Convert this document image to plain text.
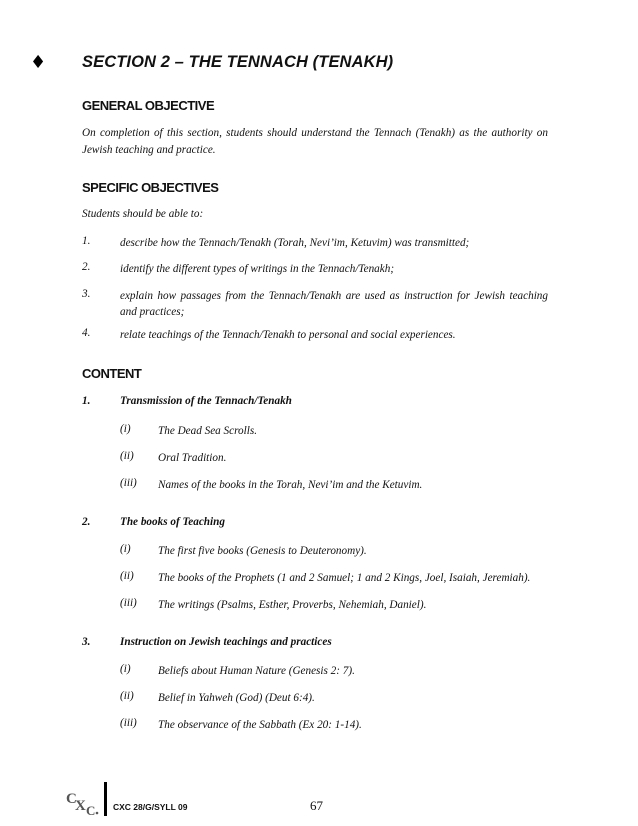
♦ SECTION 2 – THE TENNACH (TENAKH)
GENERAL OBJECTIVE
On completion of this section, students should understand the Tennach (Tenakh) as the authority on
Jewish teaching and practice.
SPECIFIC OBJECTIVES
Students should be able to:
1.	describe how the Tennach/Tenakh (Torah, Nevi’im, Ketuvim) was transmitted;
2.	identify the different types of writings in the Tennach/Tenakh;
3.	explain how passages from the Tennach/Tenakh are used as instruction for Jewish teaching
and practices;
4.	relate teachings of the Tennach/Tenakh to personal and social experiences.
CONTENT
1.	Transmission of the Tennach/Tenakh
(i) The Dead Sea Scrolls.
(ii) Oral Tradition.
(iii) Names of the books in the Torah, Nevi’im and the Ketuvim.
2.	The books of Teaching
(i) The first five books (Genesis to Deuteronomy).
(ii) The books of the Prophets (1 and 2 Samuel; 1 and 2 Kings, Joel, Isaiah, Jeremiah).
(iii) The writings (Psalms, Esther, Proverbs, Nehemiah, Daniel).
3.	Instruction on Jewish teachings and practices
(i) Beliefs about Human Nature (Genesis 2: 7).
(ii) Belief in Yahweh (God) (Deut 6:4).
(iii) The observance of the Sabbath (Ex 20: 1-14).
C
X C CXC 28/G/SYLL 09	67
